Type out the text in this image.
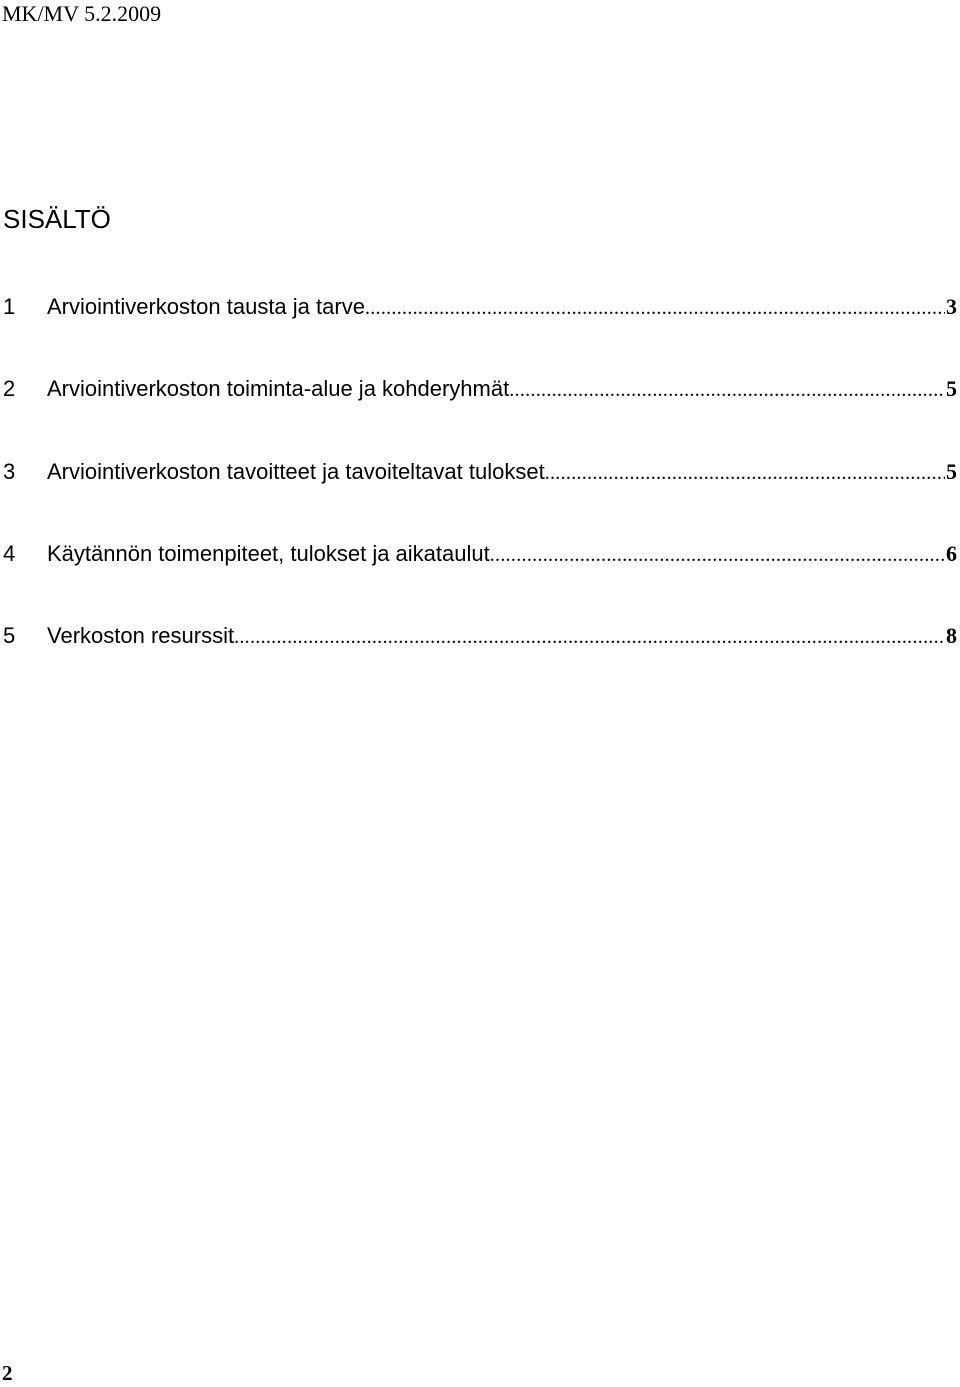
MK/MV 5.2.2009
SISÄLTÖ
1	Arviointiverkoston tausta ja tarve .....	3
2	Arviointiverkoston toiminta-alue ja kohderyhmät .....	5
3	Arviointiverkoston tavoitteet ja tavoiteltavat tulokset .....	5
4	Käytännön toimenpiteet, tulokset ja aikataulut .....	6
5	Verkoston resurssit .....	8
2
